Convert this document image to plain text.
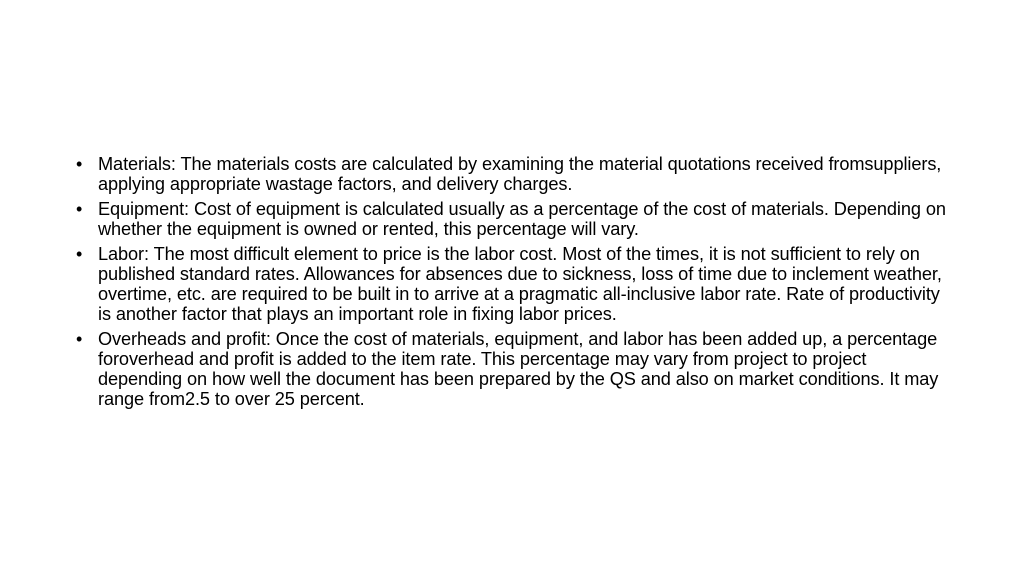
• Materials: The materials costs are calculated by examining the material quotations received fromsuppliers, applying appropriate wastage factors, and delivery charges.
• Equipment: Cost of equipment is calculated usually as a percentage of the cost of materials. Depending on whether the equipment is owned or rented, this percentage will vary.
• Labor: The most difficult element to price is the labor cost. Most of the times, it is not sufficient to rely on published standard rates. Allowances for absences due to sickness, loss of time due to inclement weather, overtime, etc. are required to be built in to arrive at a pragmatic all-inclusive labor rate. Rate of productivity is another factor that plays an important role in fixing labor prices.
• Overheads and profit: Once the cost of materials, equipment, and labor has been added up, a percentage foroverhead and profit is added to the item rate. This percentage may vary from project to project depending on how well the document has been prepared by the QS and also on market conditions. It may range from2.5 to over 25 percent.
